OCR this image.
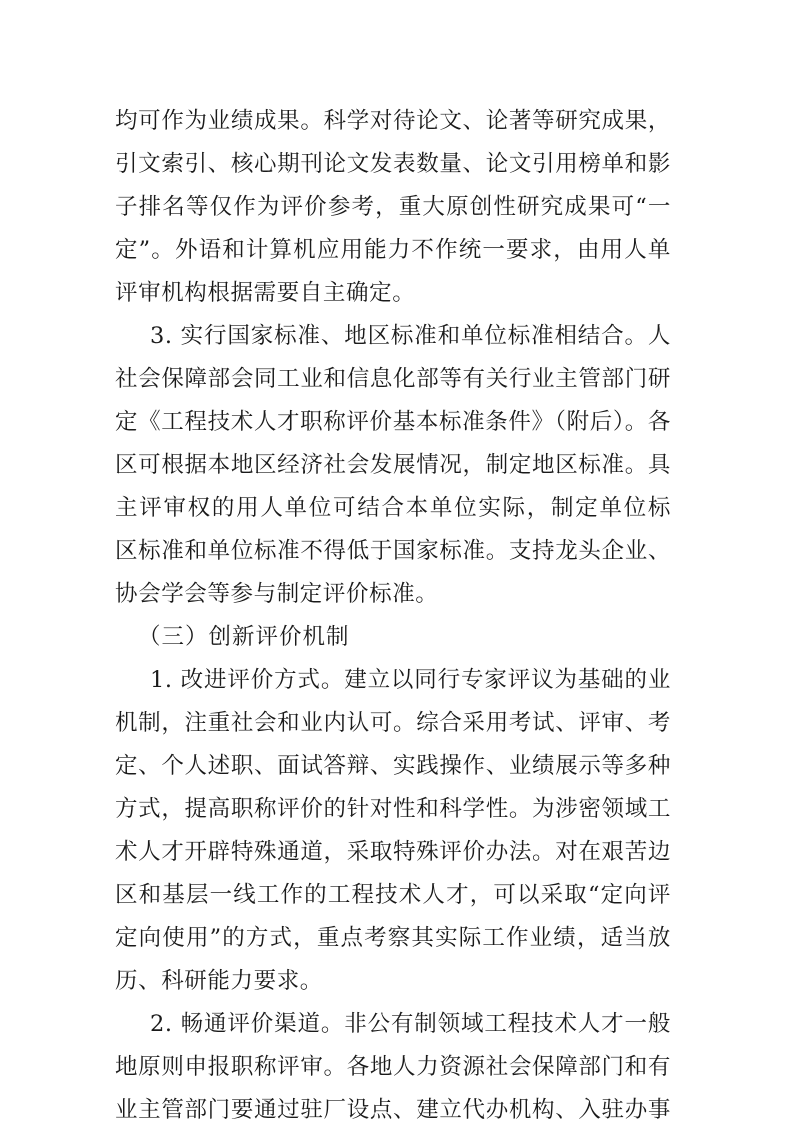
均可作为业绩成果。科学对待论文、论著等研究成果，
引文索引、核心期刊论文发表数量、论文引用榜单和影
子排名等仅作为评价参考，重大原创性研究成果可“一
定”。外语和计算机应用能力不作统一要求，由用人单
评审机构根据需要自主确定。
3. 实行国家标准、地区标准和单位标准相结合。人
社会保障部会同工业和信息化部等有关行业主管部门研
定《工程技术人才职称评价基本标准条件》（附后）。各
区可根据本地区经济社会发展情况，制定地区标准。具
主评审权的用人单位可结合本单位实际，制定单位标
区标准和单位标准不得低于国家标准。支持龙头企业、
协会学会等参与制定评价标准。
（三）创新评价机制
1. 改进评价方式。建立以同行专家评议为基础的业
机制，注重社会和业内认可。综合采用考试、评审、考
定、个人述职、面试答辩、实践操作、业绩展示等多种
方式，提高职称评价的针对性和科学性。为涉密领域工
术人才开辟特殊通道，采取特殊评价办法。对在艰苦边
区和基层一线工作的工程技术人才，可以采取“定向评
定向使用”的方式，重点考察其实际工作业绩，适当放
历、科研能力要求。
2. 畅通评价渠道。非公有制领域工程技术人才一般
地原则申报职称评审。各地人力资源社会保障部门和有
业主管部门要通过驻厂设点、建立代办机构、入驻办事
